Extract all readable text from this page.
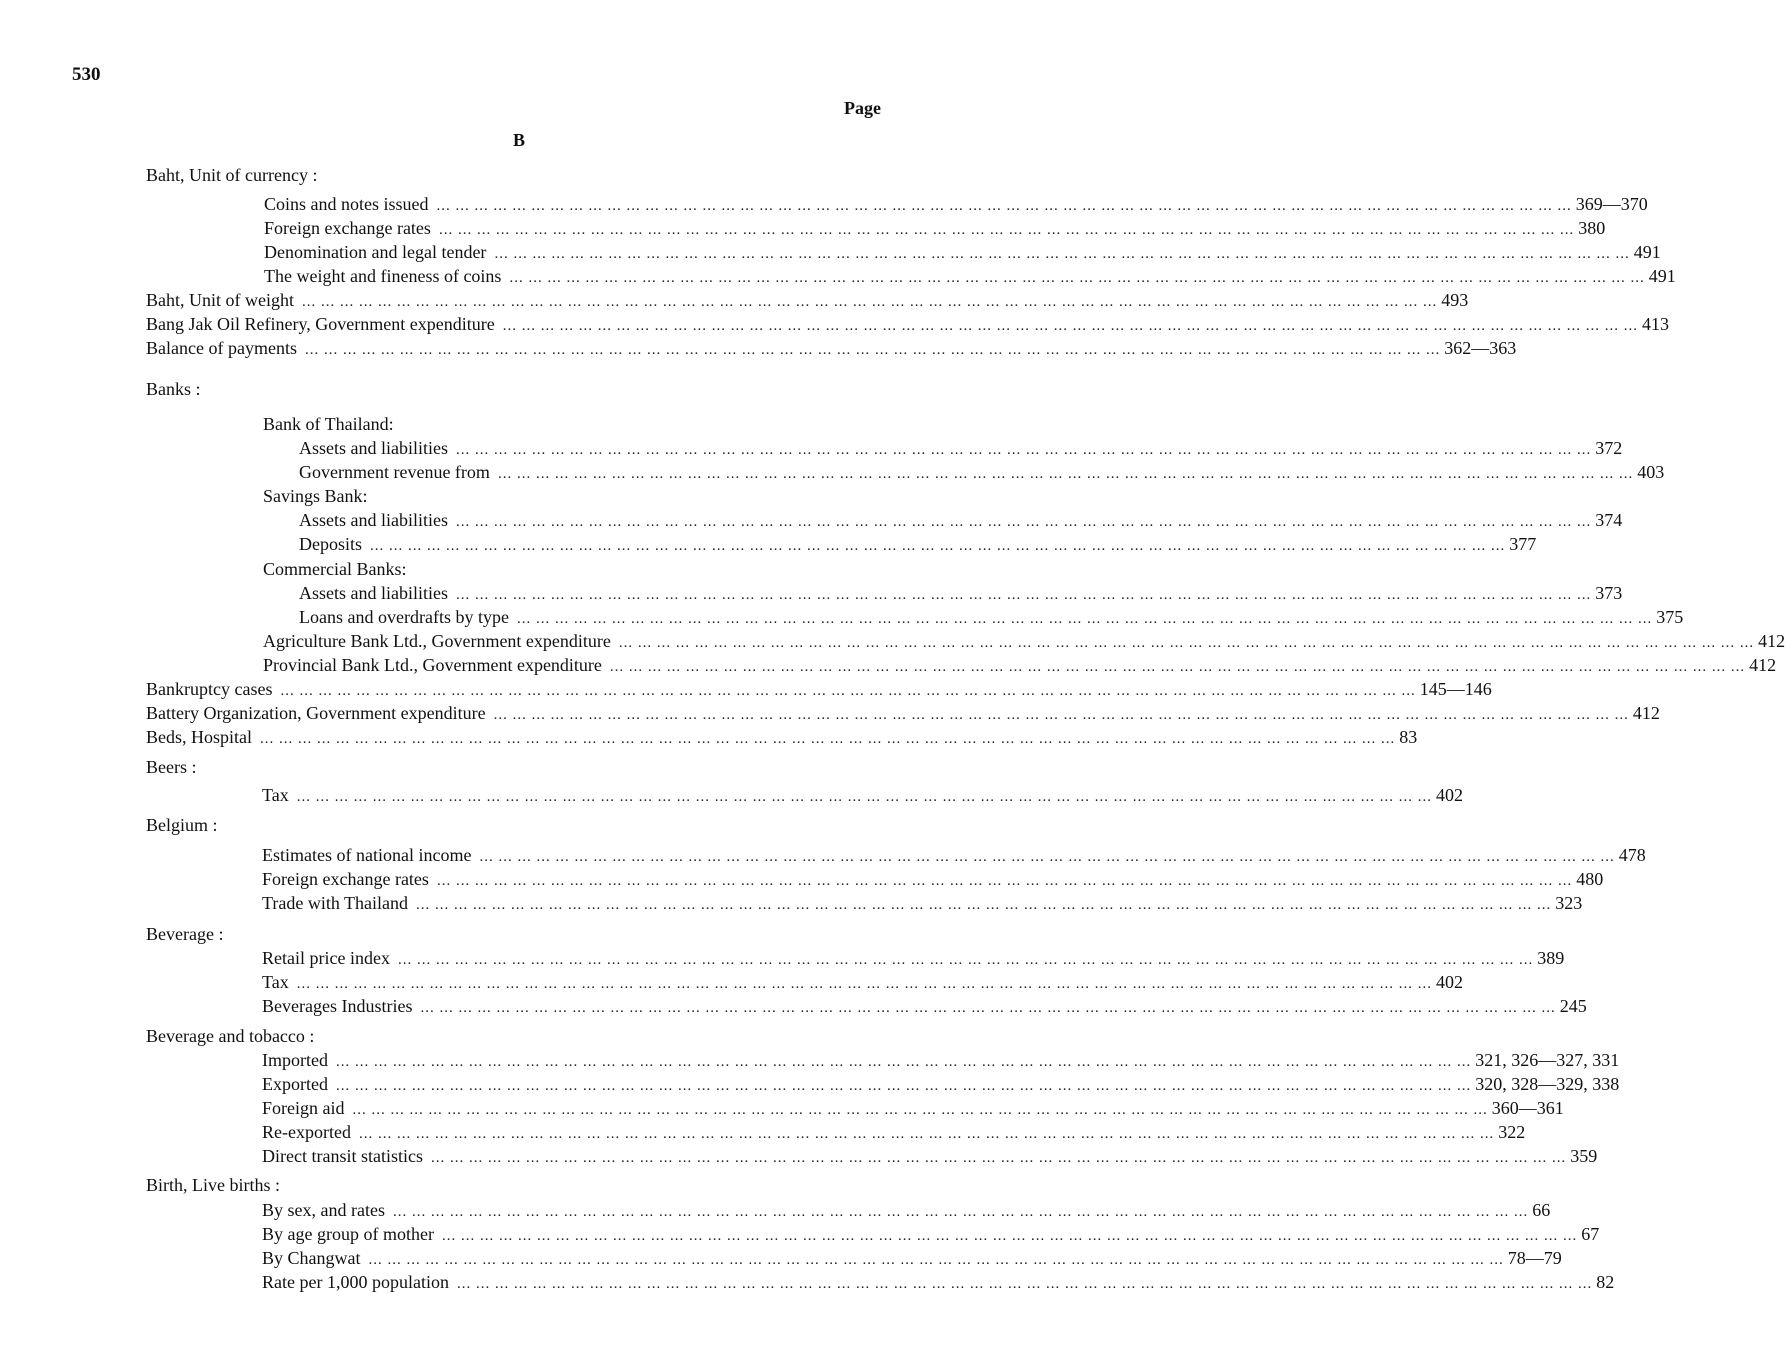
530
Page
B
Baht, Unit of currency :
Coins and notes issued ... ... ... ... ... ... ... ... ... ... ... ... ... ... ... ... ... ... ... ... ... ... ... ... ... ... ... ... ... ... ... ... ... ... ... ... ... ... ... ... ... ... ... ... ... ... ... ... ... ... ... ... ... ... ... ... ... ... ... ... 369—370
Foreign exchange rates ... ... ... ... ... ... ... ... ... ... ... ... ... ... ... ... ... ... ... ... ... ... ... ... ... ... ... ... ... ... ... ... ... ... ... ... ... ... ... ... ... ... ... ... ... ... ... ... ... ... ... ... ... ... ... ... ... ... ... ... 380
Denomination and legal tender ... ... ... ... ... ... ... ... ... ... ... ... ... ... ... ... ... ... ... ... ... ... ... ... ... ... ... ... ... ... ... ... ... ... ... ... ... ... ... ... ... ... ... ... ... ... ... ... ... ... ... ... ... ... ... ... ... ... ... ... 491
The weight and fineness of coins ... ... ... ... ... ... ... ... ... ... ... ... ... ... ... ... ... ... ... ... ... ... ... ... ... ... ... ... ... ... ... ... ... ... ... ... ... ... ... ... ... ... ... ... ... ... ... ... ... ... ... ... ... ... ... ... ... ... ... ... 491
Baht, Unit of weight ... ... ... ... ... ... ... ... ... ... ... ... ... ... ... ... ... ... ... ... ... ... ... ... ... ... ... ... ... ... ... ... ... ... ... ... ... ... ... ... ... ... ... ... ... ... ... ... ... ... ... ... ... ... ... ... ... ... ... ... 493
Bang Jak Oil Refinery, Government expenditure ... ... ... ... ... ... ... ... ... ... ... ... ... ... ... ... ... ... ... ... ... ... ... ... ... ... ... ... ... ... ... ... ... ... ... ... ... ... ... ... ... ... ... ... ... ... ... ... ... ... ... ... ... ... ... ... ... ... ... ... 413
Balance of payments ... ... ... ... ... ... ... ... ... ... ... ... ... ... ... ... ... ... ... ... ... ... ... ... ... ... ... ... ... ... ... ... ... ... ... ... ... ... ... ... ... ... ... ... ... ... ... ... ... ... ... ... ... ... ... ... ... ... ... ... 362—363
Banks :
Bank of Thailand:
Assets and liabilities ... ... ... ... ... ... ... ... ... ... ... ... ... ... ... ... ... ... ... ... ... ... ... ... ... ... ... ... ... ... ... ... ... ... ... ... ... ... ... ... ... ... ... ... ... ... ... ... ... ... ... ... ... ... ... ... ... ... ... ... 372
Government revenue from ... ... ... ... ... ... ... ... ... ... ... ... ... ... ... ... ... ... ... ... ... ... ... ... ... ... ... ... ... ... ... ... ... ... ... ... ... ... ... ... ... ... ... ... ... ... ... ... ... ... ... ... ... ... ... ... ... ... ... ... 403
Savings Bank:
Assets and liabilities ... ... ... ... ... ... ... ... ... ... ... ... ... ... ... ... ... ... ... ... ... ... ... ... ... ... ... ... ... ... ... ... ... ... ... ... ... ... ... ... ... ... ... ... ... ... ... ... ... ... ... ... ... ... ... ... ... ... ... ... 374
Deposits ... ... ... ... ... ... ... ... ... ... ... ... ... ... ... ... ... ... ... ... ... ... ... ... ... ... ... ... ... ... ... ... ... ... ... ... ... ... ... ... ... ... ... ... ... ... ... ... ... ... ... ... ... ... ... ... ... ... ... ... 377
Commercial Banks:
Assets and liabilities ... ... ... ... ... ... ... ... ... ... ... ... ... ... ... ... ... ... ... ... ... ... ... ... ... ... ... ... ... ... ... ... ... ... ... ... ... ... ... ... ... ... ... ... ... ... ... ... ... ... ... ... ... ... ... ... ... ... ... ... 373
Loans and overdrafts by type ... ... ... ... ... ... ... ... ... ... ... ... ... ... ... ... ... ... ... ... ... ... ... ... ... ... ... ... ... ... ... ... ... ... ... ... ... ... ... ... ... ... ... ... ... ... ... ... ... ... ... ... ... ... ... ... ... ... ... ... 375
Agriculture Bank Ltd., Government expenditure ... ... ... ... ... ... ... ... ... ... ... ... ... ... ... ... ... ... ... ... ... ... ... ... ... ... ... ... ... ... ... ... ... ... ... ... ... ... ... ... ... ... ... ... ... ... ... ... ... ... ... ... ... ... ... ... ... ... ... ... 412
Provincial Bank Ltd., Government expenditure ... ... ... ... ... ... ... ... ... ... ... ... ... ... ... ... ... ... ... ... ... ... ... ... ... ... ... ... ... ... ... ... ... ... ... ... ... ... ... ... ... ... ... ... ... ... ... ... ... ... ... ... ... ... ... ... ... ... ... ... 412
Bankruptcy cases ... ... ... ... ... ... ... ... ... ... ... ... ... ... ... ... ... ... ... ... ... ... ... ... ... ... ... ... ... ... ... ... ... ... ... ... ... ... ... ... ... ... ... ... ... ... ... ... ... ... ... ... ... ... ... ... ... ... ... ... 145—146
Battery Organization, Government expenditure ... ... ... ... ... ... ... ... ... ... ... ... ... ... ... ... ... ... ... ... ... ... ... ... ... ... ... ... ... ... ... ... ... ... ... ... ... ... ... ... ... ... ... ... ... ... ... ... ... ... ... ... ... ... ... ... ... ... ... ... 412
Beds, Hospital ... ... ... ... ... ... ... ... ... ... ... ... ... ... ... ... ... ... ... ... ... ... ... ... ... ... ... ... ... ... ... ... ... ... ... ... ... ... ... ... ... ... ... ... ... ... ... ... ... ... ... ... ... ... ... ... ... ... ... ... 83
Beers :
Tax ... ... ... ... ... ... ... ... ... ... ... ... ... ... ... ... ... ... ... ... ... ... ... ... ... ... ... ... ... ... ... ... ... ... ... ... ... ... ... ... ... ... ... ... ... ... ... ... ... ... ... ... ... ... ... ... ... ... ... ... 402
Belgium :
Estimates of national income ... ... ... ... ... ... ... ... ... ... ... ... ... ... ... ... ... ... ... ... ... ... ... ... ... ... ... ... ... ... ... ... ... ... ... ... ... ... ... ... ... ... ... ... ... ... ... ... ... ... ... ... ... ... ... ... ... ... ... ... 478
Foreign exchange rates ... ... ... ... ... ... ... ... ... ... ... ... ... ... ... ... ... ... ... ... ... ... ... ... ... ... ... ... ... ... ... ... ... ... ... ... ... ... ... ... ... ... ... ... ... ... ... ... ... ... ... ... ... ... ... ... ... ... ... ... 480
Trade with Thailand ... ... ... ... ... ... ... ... ... ... ... ... ... ... ... ... ... ... ... ... ... ... ... ... ... ... ... ... ... ... ... ... ... ... ... ... ... ... ... ... ... ... ... ... ... ... ... ... ... ... ... ... ... ... ... ... ... ... ... ... 323
Beverage :
Retail price index ... ... ... ... ... ... ... ... ... ... ... ... ... ... ... ... ... ... ... ... ... ... ... ... ... ... ... ... ... ... ... ... ... ... ... ... ... ... ... ... ... ... ... ... ... ... ... ... ... ... ... ... ... ... ... ... ... ... ... ... 389
Tax ... ... ... ... ... ... ... ... ... ... ... ... ... ... ... ... ... ... ... ... ... ... ... ... ... ... ... ... ... ... ... ... ... ... ... ... ... ... ... ... ... ... ... ... ... ... ... ... ... ... ... ... ... ... ... ... ... ... ... ... 402
Beverages Industries ... ... ... ... ... ... ... ... ... ... ... ... ... ... ... ... ... ... ... ... ... ... ... ... ... ... ... ... ... ... ... ... ... ... ... ... ... ... ... ... ... ... ... ... ... ... ... ... ... ... ... ... ... ... ... ... ... ... ... ... 245
Beverage and tobacco :
Imported ... ... ... ... ... ... ... ... ... ... ... ... ... ... ... ... ... ... ... ... ... ... ... ... ... ... ... ... ... ... ... ... ... ... ... ... ... ... ... ... ... ... ... ... ... ... ... ... ... ... ... ... ... ... ... ... ... ... ... ... 321, 326—327, 331
Exported ... ... ... ... ... ... ... ... ... ... ... ... ... ... ... ... ... ... ... ... ... ... ... ... ... ... ... ... ... ... ... ... ... ... ... ... ... ... ... ... ... ... ... ... ... ... ... ... ... ... ... ... ... ... ... ... ... ... ... ... 320, 328—329, 338
Foreign aid ... ... ... ... ... ... ... ... ... ... ... ... ... ... ... ... ... ... ... ... ... ... ... ... ... ... ... ... ... ... ... ... ... ... ... ... ... ... ... ... ... ... ... ... ... ... ... ... ... ... ... ... ... ... ... ... ... ... ... ... 360—361
Re-exported ... ... ... ... ... ... ... ... ... ... ... ... ... ... ... ... ... ... ... ... ... ... ... ... ... ... ... ... ... ... ... ... ... ... ... ... ... ... ... ... ... ... ... ... ... ... ... ... ... ... ... ... ... ... ... ... ... ... ... ... 322
Direct transit statistics ... ... ... ... ... ... ... ... ... ... ... ... ... ... ... ... ... ... ... ... ... ... ... ... ... ... ... ... ... ... ... ... ... ... ... ... ... ... ... ... ... ... ... ... ... ... ... ... ... ... ... ... ... ... ... ... ... ... ... ... 359
Birth, Live births :
By sex, and rates ... ... ... ... ... ... ... ... ... ... ... ... ... ... ... ... ... ... ... ... ... ... ... ... ... ... ... ... ... ... ... ... ... ... ... ... ... ... ... ... ... ... ... ... ... ... ... ... ... ... ... ... ... ... ... ... ... ... ... ... 66
By age group of mother ... ... ... ... ... ... ... ... ... ... ... ... ... ... ... ... ... ... ... ... ... ... ... ... ... ... ... ... ... ... ... ... ... ... ... ... ... ... ... ... ... ... ... ... ... ... ... ... ... ... ... ... ... ... ... ... ... ... ... ... 67
By Changwat ... ... ... ... ... ... ... ... ... ... ... ... ... ... ... ... ... ... ... ... ... ... ... ... ... ... ... ... ... ... ... ... ... ... ... ... ... ... ... ... ... ... ... ... ... ... ... ... ... ... ... ... ... ... ... ... ... ... ... ... 78—79
Rate per 1,000 population ... ... ... ... ... ... ... ... ... ... ... ... ... ... ... ... ... ... ... ... ... ... ... ... ... ... ... ... ... ... ... ... ... ... ... ... ... ... ... ... ... ... ... ... ... ... ... ... ... ... ... ... ... ... ... ... ... ... ... ... 82
